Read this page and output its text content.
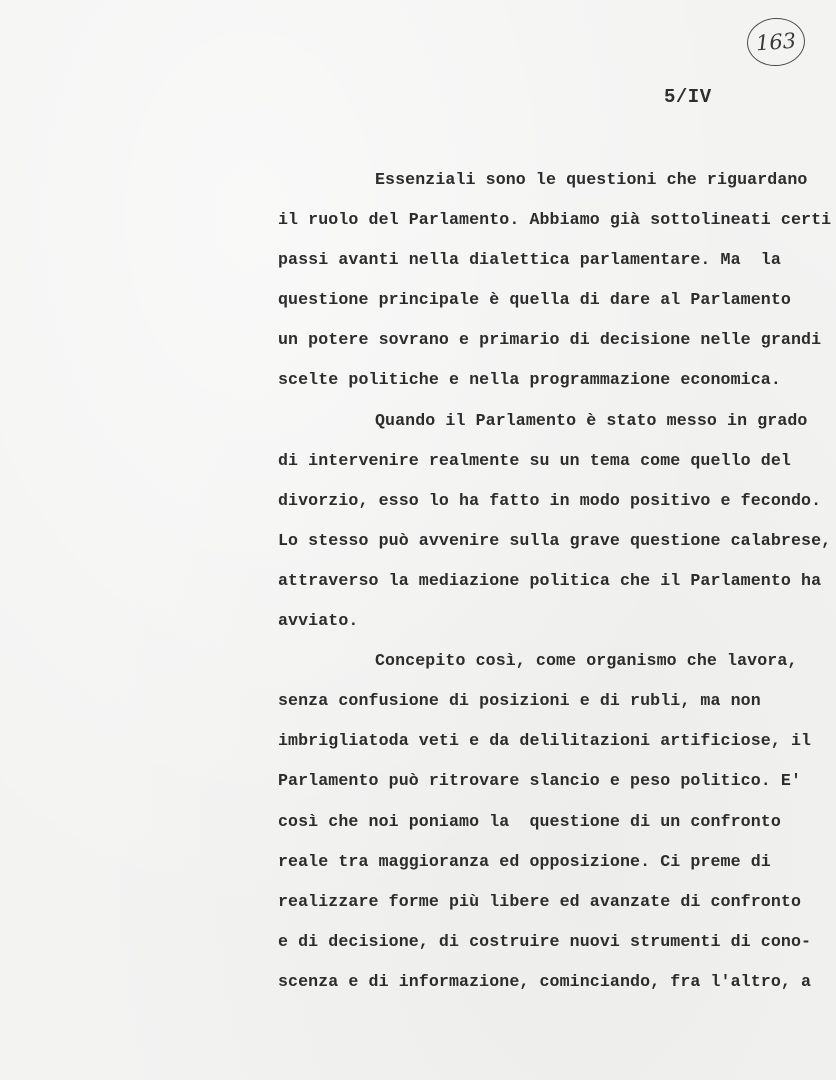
163
5/IV
Essenziali sono le questioni che riguardano
il ruolo del Parlamento. Abbiamo già sottolineati certi
passi avanti nella dialettica parlamentare. Ma  la
questione principale è quella di dare al Parlamento
un potere sovrano e primario di decisione nelle grandi
scelte politiche e nella programmazione economica.
Quando il Parlamento è stato messo in grado
di intervenire realmente su un tema come quello del
divorzio, esso lo ha fatto in modo positivo e fecondo.
Lo stesso può avvenire sulla grave questione calabrese,
attraverso la mediazione politica che il Parlamento ha
avviato.
Concepito così, come organismo che lavora,
senza confusione di posizioni e di rubli, ma non
imbrigliatoda veti e da delilitazioni artificiose, il
Parlamento può ritrovare slancio e peso politico. E'
così che noi poniamo la  questione di un confronto
reale tra maggioranza ed opposizione. Ci preme di
realizzare forme più libere ed avanzate di confronto
e di decisione, di costruire nuovi strumenti di cono-
scenza e di informazione, cominciando, fra l'altro, a
